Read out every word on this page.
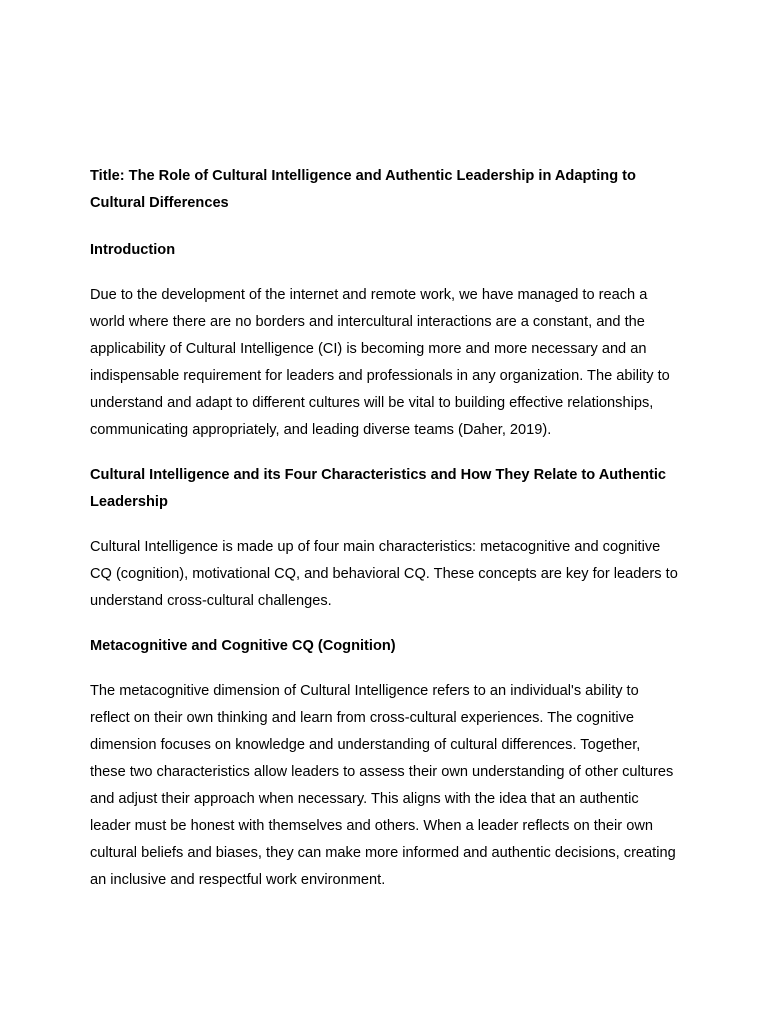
Title: The Role of Cultural Intelligence and Authentic Leadership in Adapting to Cultural Differences

Introduction

Due to the development of the internet and remote work, we have managed to reach a world where there are no borders and intercultural interactions are a constant, and the applicability of Cultural Intelligence (CI) is becoming more and more necessary and an indispensable requirement for leaders and professionals in any organization. The ability to understand and adapt to different cultures will be vital to building effective relationships, communicating appropriately, and leading diverse teams (Daher, 2019).

Cultural Intelligence and its Four Characteristics and How They Relate to Authentic Leadership

Cultural Intelligence is made up of four main characteristics: metacognitive and cognitive CQ (cognition), motivational CQ, and behavioral CQ. These concepts are key for leaders to understand cross-cultural challenges.

Metacognitive and Cognitive CQ (Cognition)

The metacognitive dimension of Cultural Intelligence refers to an individual's ability to reflect on their own thinking and learn from cross-cultural experiences. The cognitive dimension focuses on knowledge and understanding of cultural differences. Together, these two characteristics allow leaders to assess their own understanding of other cultures and adjust their approach when necessary. This aligns with the idea that an authentic leader must be honest with themselves and others. When a leader reflects on their own cultural beliefs and biases, they can make more informed and authentic decisions, creating an inclusive and respectful work environment.
